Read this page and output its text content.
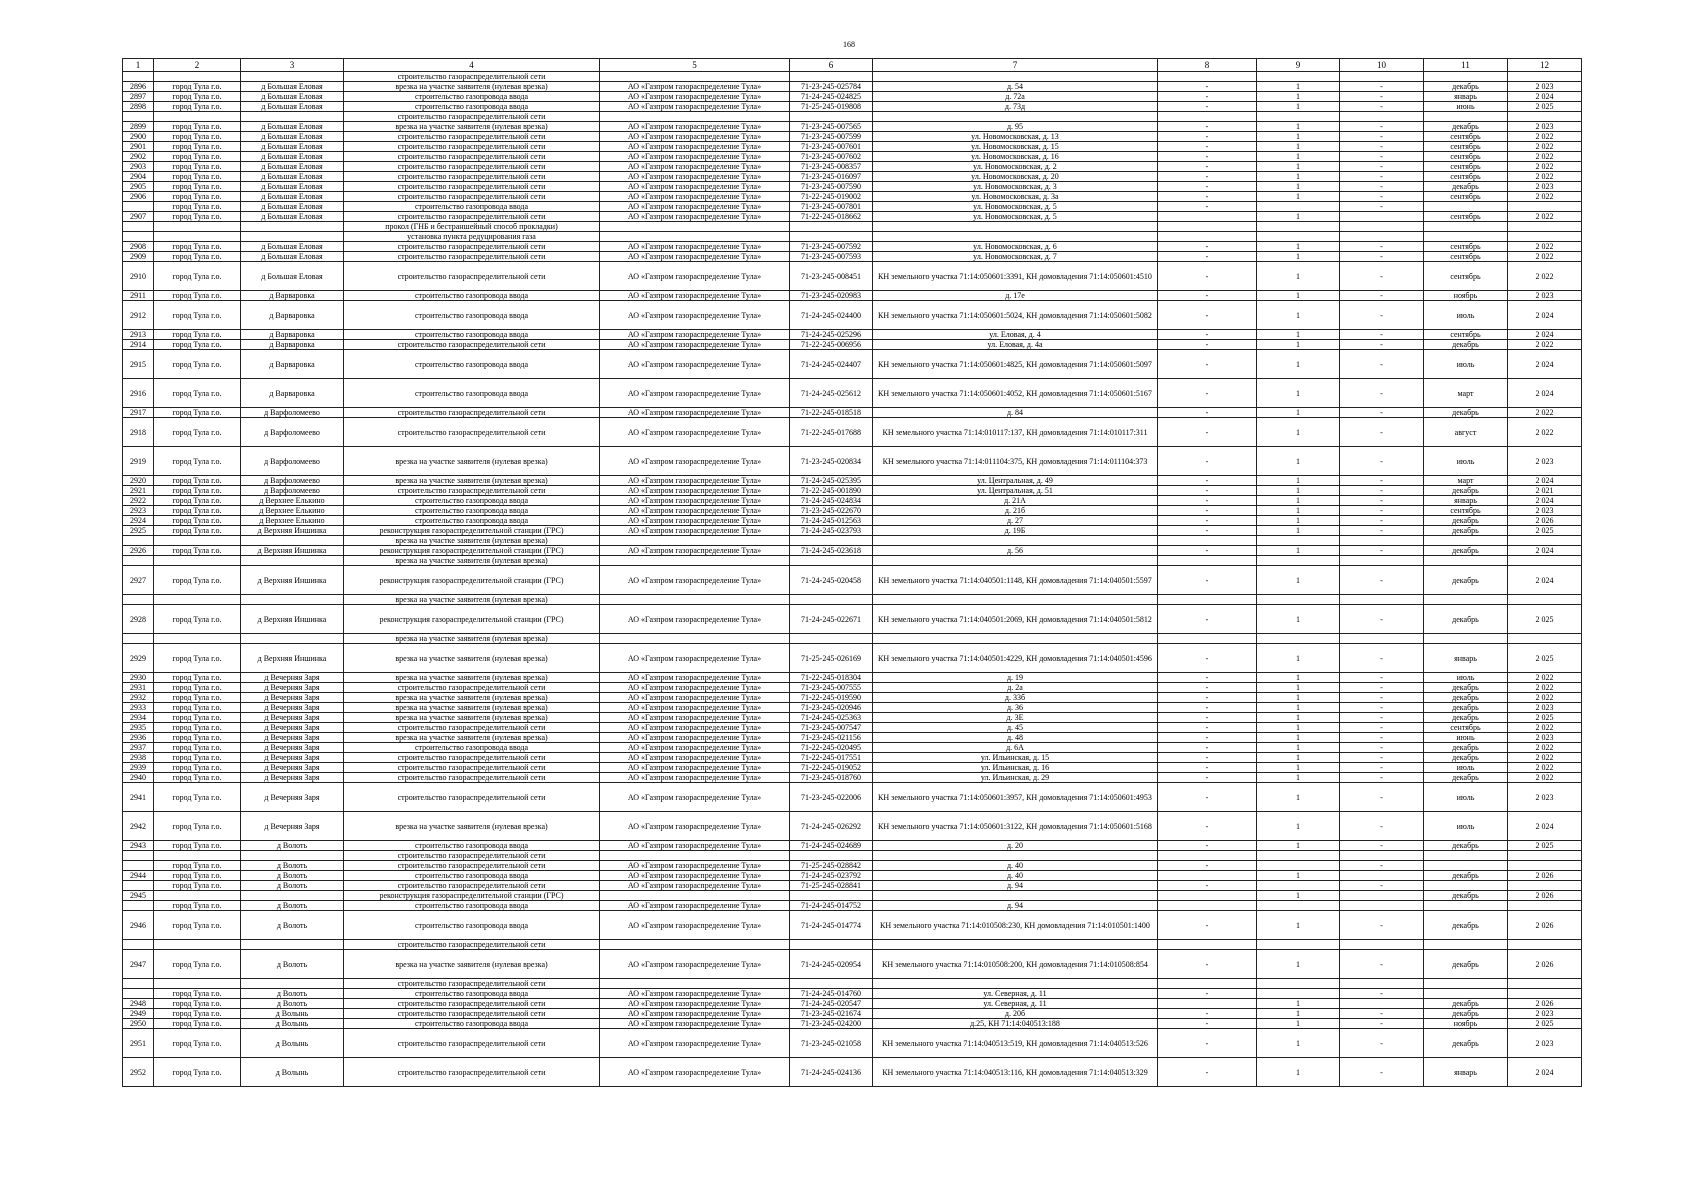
168
1	2	3	4	5	6	7	8	9	10	11	12
			строительство газораспределительной сети								
2896	город Тула г.о.	д Большая Еловая	врезка на участке заявителя (нулевая врезка)	АО «Газпром газораспределение Тула»	71-23-245-025784	д. 54	-	1	-	декабрь	2 023
2897	город Тула г.о.	д Большая Еловая	строительство газопровода ввода	АО «Газпром газораспределение Тула»	71-24-245-024825	д. 72а	-	1	-	январь	2 024
2898	город Тула г.о.	д Большая Еловая	строительство газопровода ввода	АО «Газпром газораспределение Тула»	71-25-245-019808	д. 73д	-	1	-	июнь	2 025
			строительство газораспределительной сети								
2899	город Тула г.о.	д Большая Еловая	врезка на участке заявителя (нулевая врезка)	АО «Газпром газораспределение Тула»	71-23-245-007565	д. 95	-	1	-	декабрь	2 023
2900	город Тула г.о.	д Большая Еловая	строительство газораспределительной сети	АО «Газпром газораспределение Тула»	71-23-245-007599	ул. Новомосковская, д. 13	-	1	-	сентябрь	2 022
2901	город Тула г.о.	д Большая Еловая	строительство газораспределительной сети	АО «Газпром газораспределение Тула»	71-23-245-007601	ул. Новомосковская, д. 15	-	1	-	сентябрь	2 022
2902	город Тула г.о.	д Большая Еловая	строительство газораспределительной сети	АО «Газпром газораспределение Тула»	71-23-245-007602	ул. Новомосковская, д. 16	-	1	-	сентябрь	2 022
2903	город Тула г.о.	д Большая Еловая	строительство газораспределительной сети	АО «Газпром газораспределение Тула»	71-23-245-008357	ул. Новомосковская, д. 2	-	1	-	сентябрь	2 022
2904	город Тула г.о.	д Большая Еловая	строительство газораспределительной сети	АО «Газпром газораспределение Тула»	71-23-245-016097	ул. Новомосковская, д. 20	-	1	-	сентябрь	2 022
2905	город Тула г.о.	д Большая Еловая	строительство газораспределительной сети	АО «Газпром газораспределение Тула»	71-23-245-007590	ул. Новомосковская, д. 3	-	1	-	декабрь	2 023
2906	город Тула г.о.	д Большая Еловая	строительство газораспределительной сети	АО «Газпром газораспределение Тула»	71-22-245-019002	ул. Новомосковская, д. 3а	-	1	-	сентябрь	2 022
	город Тула г.о.	д Большая Еловая	строительство газопровода ввода	АО «Газпром газораспределение Тула»	71-23-245-007801	ул. Новомосковская, д. 5	-		-		
2907	город Тула г.о.	д Большая Еловая	строительство газораспределительной сети	АО «Газпром газораспределение Тула»	71-22-245-018662	ул. Новомосковская, д. 5		1		сентябрь	2 022
			прокол (ГНБ и бестраншейный способ прокладки)								
			установка пункта редуцирования газа								
2908	город Тула г.о.	д Большая Еловая	строительство газораспределительной сети	АО «Газпром газораспределение Тула»	71-23-245-007592	ул. Новомосковская, д. 6	-	1	-	сентябрь	2 022
2909	город Тула г.о.	д Большая Еловая	строительство газораспределительной сети	АО «Газпром газораспределение Тула»	71-23-245-007593	ул. Новомосковская, д. 7	-	1	-	сентябрь	2 022
2910	город Тула г.о.	д Большая Еловая	строительство газораспределительной сети	АО «Газпром газораспределение Тула»	71-23-245-008451	КН земельного участка 71:14:050601:3391, КН домовладения 71:14:050601:4510	-	1	-	сентябрь	2 022
2911	город Тула г.о.	д Варваровка	строительство газопровода ввода	АО «Газпром газораспределение Тула»	71-23-245-020983	д. 17е	-	1	-	ноябрь	2 023
2912	город Тула г.о.	д Варваровка	строительство газопровода ввода	АО «Газпром газораспределение Тула»	71-24-245-024400	КН земельного участка 71:14:050601:5024, КН домовладения 71:14:050601:5082	-	1	-	июль	2 024
2913	город Тула г.о.	д Варваровка	строительство газопровода ввода	АО «Газпром газораспределение Тула»	71-24-245-025296	ул. Еловая, д. 4	-	1	-	сентябрь	2 024
2914	город Тула г.о.	д Варваровка	строительство газораспределительной сети	АО «Газпром газораспределение Тула»	71-22-245-006956	ул. Еловая, д. 4а	-	1	-	декабрь	2 022
2915	город Тула г.о.	д Варваровка	строительство газопровода ввода	АО «Газпром газораспределение Тула»	71-24-245-024407	КН земельного участка 71:14:050601:4825, КН домовладения 71:14:050601:5097	-	1	-	июль	2 024
2916	город Тула г.о.	д Варваровка	строительство газопровода ввода	АО «Газпром газораспределение Тула»	71-24-245-025612	КН земельного участка 71:14:050601:4052, КН домовладения 71:14:050601:5167	-	1	-	март	2 024
2917	город Тула г.о.	д Варфоломеево	строительство газораспределительной сети	АО «Газпром газораспределение Тула»	71-22-245-018518	д. 84	-	1	-	декабрь	2 022
2918	город Тула г.о.	д Варфоломеево	строительство газораспределительной сети	АО «Газпром газораспределение Тула»	71-22-245-017688	КН земельного участка 71:14:010117:137, КН домовладения 71:14:010117:311	-	1	-	август	2 022
2919	город Тула г.о.	д Варфоломеево	врезка на участке заявителя (нулевая врезка)	АО «Газпром газораспределение Тула»	71-23-245-020834	КН земельного участка 71:14:011104:375, КН домовладения 71:14:011104:373	-	1	-	июль	2 023
2920	город Тула г.о.	д Варфоломеево	врезка на участке заявителя (нулевая врезка)	АО «Газпром газораспределение Тула»	71-24-245-025395	ул. Центральная, д. 49	-	1	-	март	2 024
2921	город Тула г.о.	д Варфоломеево	строительство газораспределительной сети	АО «Газпром газораспределение Тула»	71-22-245-001890	ул. Центральная, д. 51	-	1	-	декабрь	2 021
2922	город Тула г.о.	д Верхнее Елькино	строительство газопровода ввода	АО «Газпром газораспределение Тула»	71-24-245-024834	д. 21А	-	1	-	январь	2 024
2923	город Тула г.о.	д Верхнее Елькино	строительство газопровода ввода	АО «Газпром газораспределение Тула»	71-23-245-022670	д. 21б	-	1	-	сентябрь	2 023
2924	город Тула г.о.	д Верхнее Елькино	строительство газопровода ввода	АО «Газпром газораспределение Тула»	71-24-245-012563	д. 27	-	1	-	декабрь	2 026
2925	город Тула г.о.	д Верхняя Иншинка	реконструкция газораспределительной станции (ГРС)	АО «Газпром газораспределение Тула»	71-24-245-023793	д. 19Б	-	1	-	декабрь	2 025
			врезка на участке заявителя (нулевая врезка)								
2926	город Тула г.о.	д Верхняя Иншинка	реконструкция газораспределительной станции (ГРС)	АО «Газпром газораспределение Тула»	71-24-245-023618	д. 56	-	1	-	декабрь	2 024
			врезка на участке заявителя (нулевая врезка)								
2927	город Тула г.о.	д Верхняя Иншинка	реконструкция газораспределительной станции (ГРС)	АО «Газпром газораспределение Тула»	71-24-245-020458	КН земельного участка 71:14:040501:1148, КН домовладения 71:14:040501:5597	-	1	-	декабрь	2 024
			врезка на участке заявителя (нулевая врезка)								
2928	город Тула г.о.	д Верхняя Иншинка	реконструкция газораспределительной станции (ГРС)	АО «Газпром газораспределение Тула»	71-24-245-022671	КН земельного участка 71:14:040501:2069, КН домовладения 71:14:040501:5812	-	1	-	декабрь	2 025
			врезка на участке заявителя (нулевая врезка)								
2929	город Тула г.о.	д Верхняя Иншинка	врезка на участке заявителя (нулевая врезка)	АО «Газпром газораспределение Тула»	71-25-245-026169	КН земельного участка 71:14:040501:4229, КН домовладения 71:14:040501:4596	-	1	-	январь	2 025
2930	город Тула г.о.	д Вечерняя Заря	врезка на участке заявителя (нулевая врезка)	АО «Газпром газораспределение Тула»	71-22-245-018304	д. 19	-	1	-	июль	2 022
2931	город Тула г.о.	д Вечерняя Заря	строительство газораспределительной сети	АО «Газпром газораспределение Тула»	71-23-245-007555	д. 2а	-	1	-	декабрь	2 022
2932	город Тула г.о.	д Вечерняя Заря	врезка на участке заявителя (нулевая врезка)	АО «Газпром газораспределение Тула»	71-22-245-019590	д. 33б	-	1	-	декабрь	2 022
2933	город Тула г.о.	д Вечерняя Заря	врезка на участке заявителя (нулевая врезка)	АО «Газпром газораспределение Тула»	71-23-245-020946	д. 36	-	1	-	декабрь	2 023
2934	город Тула г.о.	д Вечерняя Заря	врезка на участке заявителя (нулевая врезка)	АО «Газпром газораспределение Тула»	71-24-245-025363	д. 3Е	-	1	-	декабрь	2 025
2935	город Тула г.о.	д Вечерняя Заря	строительство газораспределительной сети	АО «Газпром газораспределение Тула»	71-23-245-007547	д. 45	-	1	-	сентябрь	2 022
2936	город Тула г.о.	д Вечерняя Заря	врезка на участке заявителя (нулевая врезка)	АО «Газпром газораспределение Тула»	71-23-245-021156	д. 48	-	1	-	июнь	2 023
2937	город Тула г.о.	д Вечерняя Заря	строительство газопровода ввода	АО «Газпром газораспределение Тула»	71-22-245-020495	д. 6А	-	1	-	декабрь	2 022
2938	город Тула г.о.	д Вечерняя Заря	строительство газораспределительной сети	АО «Газпром газораспределение Тула»	71-22-245-017551	ул. Ильинская, д. 15	-	1	-	декабрь	2 022
2939	город Тула г.о.	д Вечерняя Заря	строительство газораспределительной сети	АО «Газпром газораспределение Тула»	71-22-245-019052	ул. Ильинская, д. 16	-	1	-	июль	2 022
2940	город Тула г.о.	д Вечерняя Заря	строительство газораспределительной сети	АО «Газпром газораспределение Тула»	71-23-245-018760	ул. Ильинская, д. 29	-	1	-	декабрь	2 022
2941	город Тула г.о.	д Вечерняя Заря	строительство газораспределительной сети	АО «Газпром газораспределение Тула»	71-23-245-022006	КН земельного участка 71:14:050601:3957, КН домовладения 71:14:050601:4953	-	1	-	июль	2 023
2942	город Тула г.о.	д Вечерняя Заря	врезка на участке заявителя (нулевая врезка)	АО «Газпром газораспределение Тула»	71-24-245-026292	КН земельного участка 71:14:050601:3122, КН домовладения 71:14:050601:5168	-	1	-	июль	2 024
2943	город Тула г.о.	д Волоть	строительство газопровода ввода	АО «Газпром газораспределение Тула»	71-24-245-024689	д. 20	-	1	-	декабрь	2 025
			строительство газораспределительной сети								
	город Тула г.о.	д Волоть	строительство газораспределительной сети	АО «Газпром газораспределение Тула»	71-25-245-028842	д. 40	-		-		
2944	город Тула г.о.	д Волоть	строительство газопровода ввода	АО «Газпром газораспределение Тула»	71-24-245-023792	д. 40		1		декабрь	2 026
	город Тула г.о.	д Волоть	строительство газораспределительной сети	АО «Газпром газораспределение Тула»	71-25-245-028841	д. 94	-		-		
2945			реконструкция газораспределительной станции (ГРС)					1		декабрь	2 026
	город Тула г.о.	д Волоть	строительство газопровода ввода	АО «Газпром газораспределение Тула»	71-24-245-014752	д. 94					
2946	город Тула г.о.	д Волоть	строительство газопровода ввода	АО «Газпром газораспределение Тула»	71-24-245-014774	КН земельного участка 71:14:010508:230, КН домовладения 71:14:010501:1400	-	1	-	декабрь	2 026
			строительство газораспределительной сети								
2947	город Тула г.о.	д Волоть	врезка на участке заявителя (нулевая врезка)	АО «Газпром газораспределение Тула»	71-24-245-020954	КН земельного участка 71:14:010508:200, КН домовладения 71:14:010508:854	-	1	-	декабрь	2 026
			строительство газораспределительной сети								
	город Тула г.о.	д Волоть	строительство газопровода ввода	АО «Газпром газораспределение Тула»	71-24-245-014760	ул. Северная, д. 11	-		-		
2948	город Тула г.о.	д Волоть	строительство газораспределительной сети	АО «Газпром газораспределение Тула»	71-24-245-020547	ул. Северная, д. 11		1		декабрь	2 026
2949	город Тула г.о.	д Волынь	строительство газораспределительной сети	АО «Газпром газораспределение Тула»	71-23-245-021674	д. 20б	-	1	-	декабрь	2 023
2950	город Тула г.о.	д Волынь	строительство газопровода ввода	АО «Газпром газораспределение Тула»	71-23-245-024200	д.25, КН 71:14:040513:188	-	1	-	ноябрь	2 025
2951	город Тула г.о.	д Волынь	строительство газораспределительной сети	АО «Газпром газораспределение Тула»	71-23-245-021058	КН земельного участка 71:14:040513:519, КН домовладения 71:14:040513:526	-	1	-	декабрь	2 023
2952	город Тула г.о.	д Волынь	строительство газораспределительной сети	АО «Газпром газораспределение Тула»	71-24-245-024136	КН земельного участка 71:14:040513:116, КН домовладения 71:14:040513:329	-	1	-	январь	2 024
